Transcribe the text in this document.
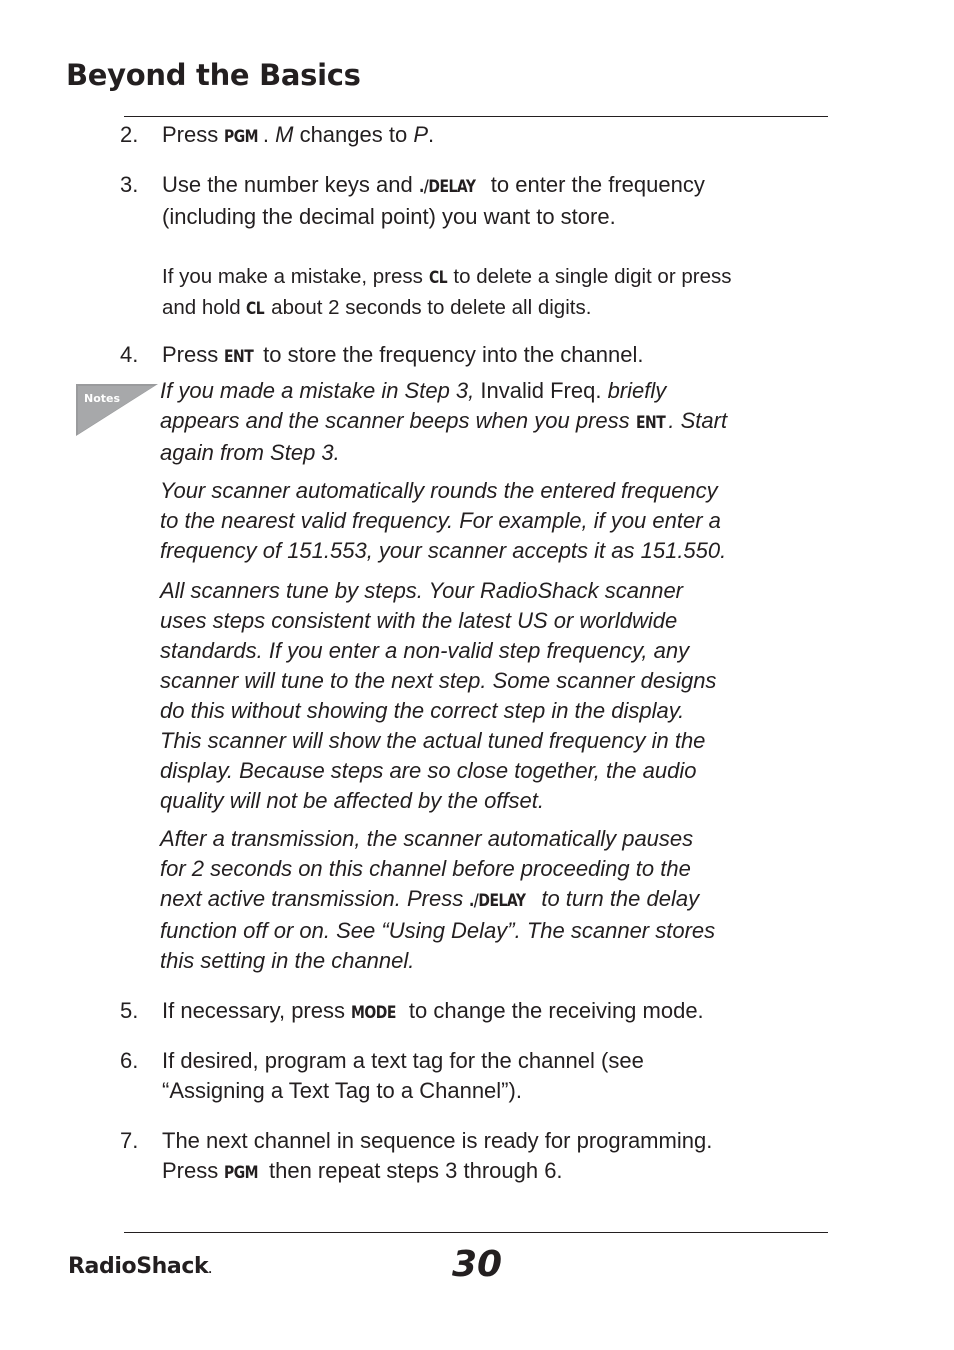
Beyond the Basics
2. Press PGM . M changes to P.
3. Use the number keys and ./DELAY to enter the frequency
(including the decimal point) you want to store.
If you make a mistake, press CL to delete a single digit or press
and hold CL about 2 seconds to delete all digits.
4. Press ENT to store the frequency into the channel.
Notes If you made a mistake in Step 3, Invalid Freq. briefly
appears and the scanner beeps when you press ENT . Start
again from Step 3.
Your scanner automatically rounds the entered frequency
to the nearest valid frequency. For example, if you enter a
frequency of 151.553, your scanner accepts it as 151.550.
All scanners tune by steps. Your RadioShack scanner
uses steps consistent with the latest US or worldwide
standards. If you enter a non-valid step frequency, any
scanner will tune to the next step. Some scanner designs
do this without showing the correct step in the display.
This scanner will show the actual tuned frequency in the
display. Because steps are so close together, the audio
quality will not be affected by the offset.
After a transmission, the scanner automatically pauses
for 2 seconds on this channel before proceeding to the
next active transmission. Press ./DELAY to turn the delay
function off or on. See “Using Delay”. The scanner stores
this setting in the channel.
5. If necessary, press MODE to change the receiving mode.
6. If desired, program a text tag for the channel (see
“Assigning a Text Tag to a Channel”).
7. The next channel in sequence is ready for programming.
Press PGM then repeat steps 3 through 6.
RadioShack.	30
